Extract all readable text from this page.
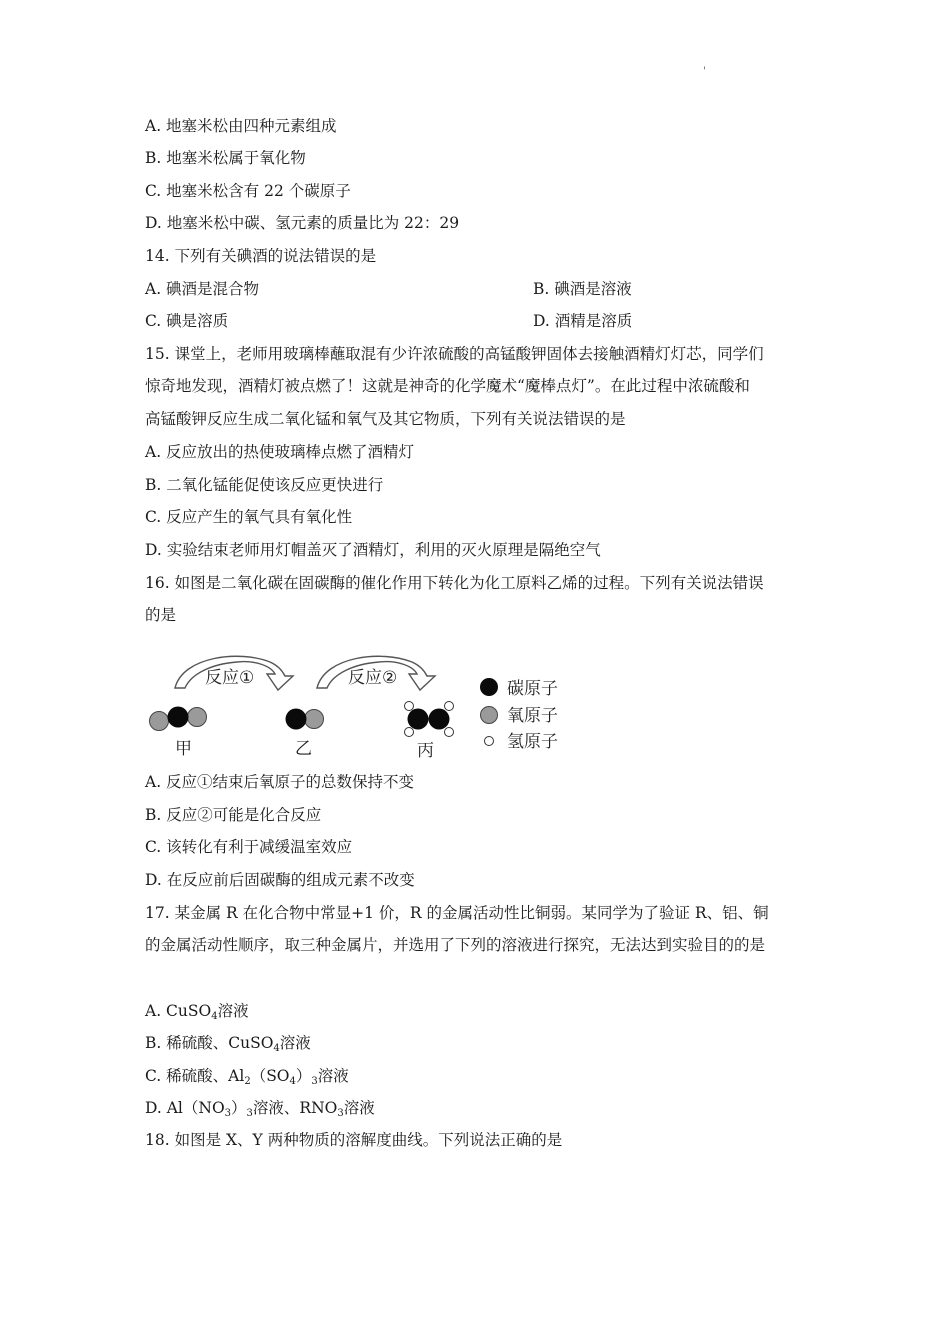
'
A. 地塞米松由四种元素组成
B. 地塞米松属于氧化物
C. 地塞米松含有 22 个碳原子
D. 地塞米松中碳、氢元素的质量比为 22：29
14. 下列有关碘酒的说法错误的是
A. 碘酒是混合物	B. 碘酒是溶液
C. 碘是溶质	D. 酒精是溶质
15. 课堂上，老师用玻璃棒蘸取混有少许浓硫酸的高锰酸钾固体去接触酒精灯灯芯，同学们
惊奇地发现，酒精灯被点燃了！这就是神奇的化学魔术“魔棒点灯”。在此过程中浓硫酸和
高锰酸钾反应生成二氧化锰和氧气及其它物质，下列有关说法错误的是
A. 反应放出的热使玻璃棒点燃了酒精灯
B. 二氧化锰能促使该反应更快进行
C. 反应产生的氧气具有氧化性
D. 实验结束老师用灯帽盖灭了酒精灯，利用的灭火原理是隔绝空气
16. 如图是二氧化碳在固碳酶的催化作用下转化为化工原料乙烯的过程。下列有关说法错误
的是
反应①	反应②
甲	乙	丙
碳原子
氧原子
氢原子
A. 反应①结束后氧原子的总数保持不变
B. 反应②可能是化合反应
C. 该转化有利于减缓温室效应
D. 在反应前后固碳酶的组成元素不改变
17. 某金属 R 在化合物中常显+1 价，R 的金属活动性比铜弱。某同学为了验证 R、铝、铜
的金属活动性顺序，取三种金属片，并选用了下列的溶液进行探究，无法达到实验目的的是
A. CuSO$_4$溶液
B. 稀硫酸、CuSO$_4$溶液
C. 稀硫酸、$Al_2(SO_4)_3$溶液
D. $Al(NO_3)_3$溶液、$RNO_3$溶液
18. 如图是 X、Y 两种物质的溶解度曲线。下列说法正确的是
